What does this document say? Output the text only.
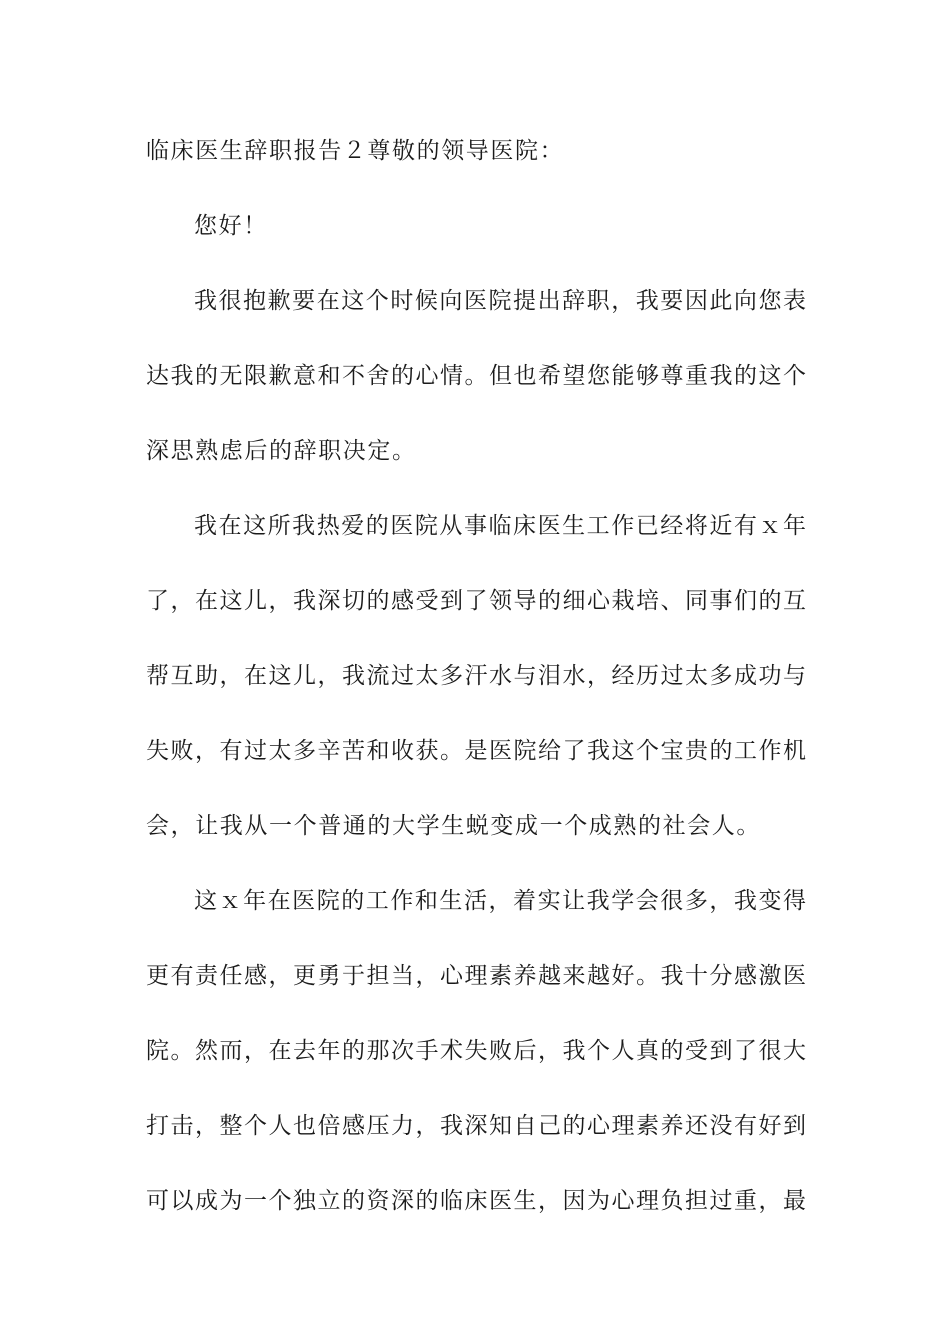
临床医生辞职报告２尊敬的领导医院：
您好！
我很抱歉要在这个时候向医院提出辞职，我要因此向您表
达我的无限歉意和不舍的心情。但也希望您能够尊重我的这个
深思熟虑后的辞职决定。
我在这所我热爱的医院从事临床医生工作已经将近有ｘ年
了，在这儿，我深切的感受到了领导的细心栽培、同事们的互
帮互助，在这儿，我流过太多汗水与泪水，经历过太多成功与
失败，有过太多辛苦和收获。是医院给了我这个宝贵的工作机
会，让我从一个普通的大学生蜕变成一个成熟的社会人。
这ｘ年在医院的工作和生活，着实让我学会很多，我变得
更有责任感，更勇于担当，心理素养越来越好。我十分感激医
院。然而，在去年的那次手术失败后，我个人真的受到了很大
打击，整个人也倍感压力，我深知自己的心理素养还没有好到
可以成为一个独立的资深的临床医生，因为心理负担过重，最
